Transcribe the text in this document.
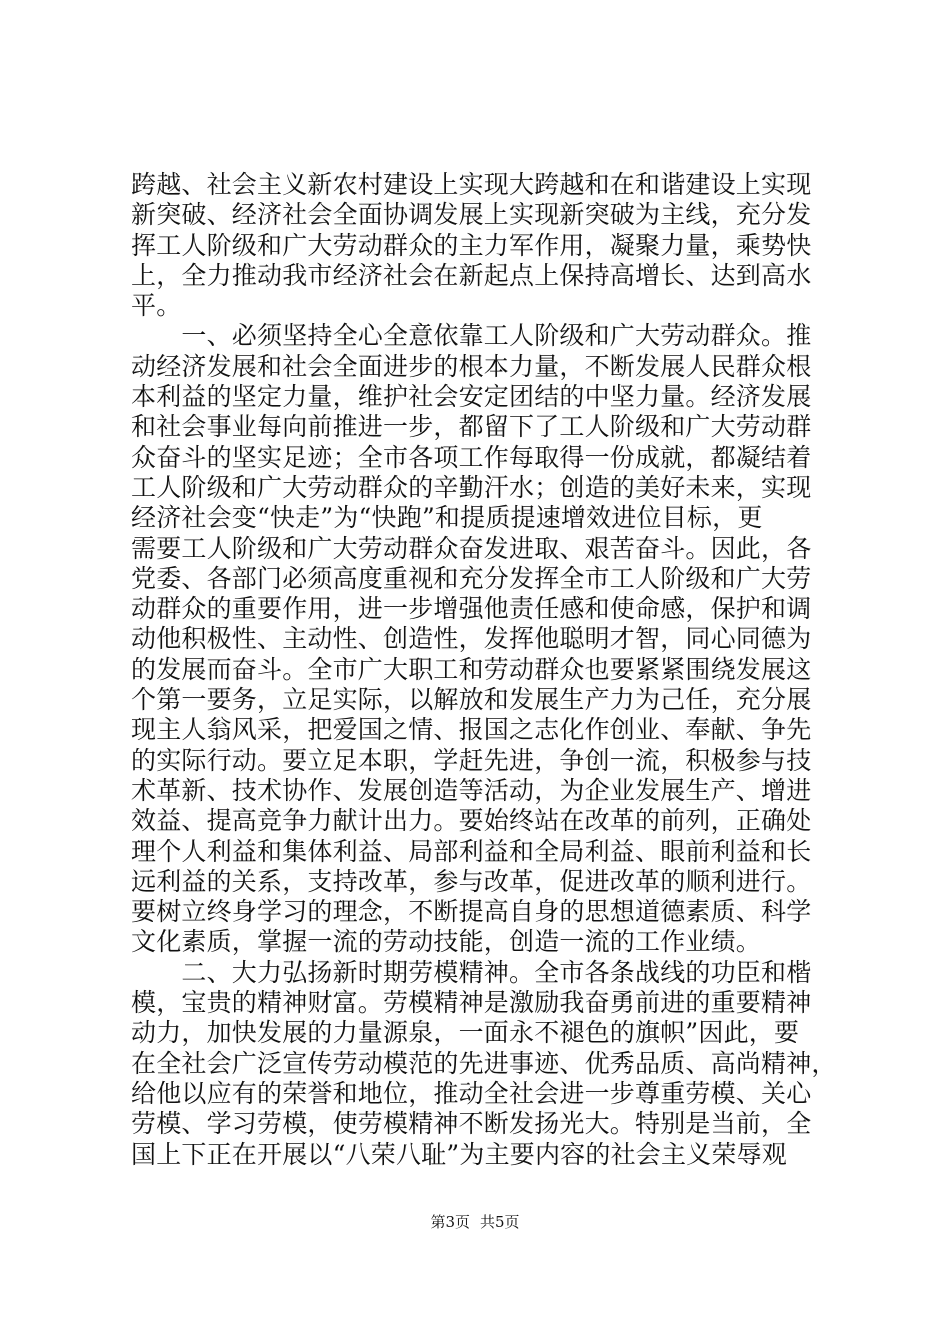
跨越、社会主义新农村建设上实现大跨越和在和谐建设上实现
新突破、经济社会全面协调发展上实现新突破为主线，充分发
挥工人阶级和广大劳动群众的主力军作用，凝聚力量，乘势快
上，全力推动我市经济社会在新起点上保持高增长、达到高水
平。
　　一、必须坚持全心全意依靠工人阶级和广大劳动群众。推
动经济发展和社会全面进步的根本力量，不断发展人民群众根
本利益的坚定力量，维护社会安定团结的中坚力量。经济发展
和社会事业每向前推进一步，都留下了工人阶级和广大劳动群
众奋斗的坚实足迹；全市各项工作每取得一份成就，都凝结着
工人阶级和广大劳动群众的辛勤汗水；创造的美好未来，实现
经济社会变“快走”为“快跑”和提质提速增效进位目标，更
需要工人阶级和广大劳动群众奋发进取、艰苦奋斗。因此，各
党委、各部门必须高度重视和充分发挥全市工人阶级和广大劳
动群众的重要作用，进一步增强他责任感和使命感，保护和调
动他积极性、主动性、创造性，发挥他聪明才智，同心同德为
的发展而奋斗。全市广大职工和劳动群众也要紧紧围绕发展这
个第一要务，立足实际，以解放和发展生产力为己任，充分展
现主人翁风采，把爱国之情、报国之志化作创业、奉献、争先
的实际行动。要立足本职，学赶先进，争创一流，积极参与技
术革新、技术协作、发展创造等活动，为企业发展生产、增进
效益、提高竞争力献计出力。要始终站在改革的前列，正确处
理个人利益和集体利益、局部利益和全局利益、眼前利益和长
远利益的关系，支持改革，参与改革，促进改革的顺利进行。
要树立终身学习的理念，不断提高自身的思想道德素质、科学
文化素质，掌握一流的劳动技能，创造一流的工作业绩。
　　二、大力弘扬新时期劳模精神。全市各条战线的功臣和楷
模，宝贵的精神财富。劳模精神是激励我奋勇前进的重要精神
动力，加快发展的力量源泉，一面永不褪色的旗帜”因此，要
在全社会广泛宣传劳动模范的先进事迹、优秀品质、高尚精神，
给他以应有的荣誉和地位，推动全社会进一步尊重劳模、关心
劳模、学习劳模，使劳模精神不断发扬光大。特别是当前，全
国上下正在开展以“八荣八耻”为主要内容的社会主义荣辱观
第3页 共5页
